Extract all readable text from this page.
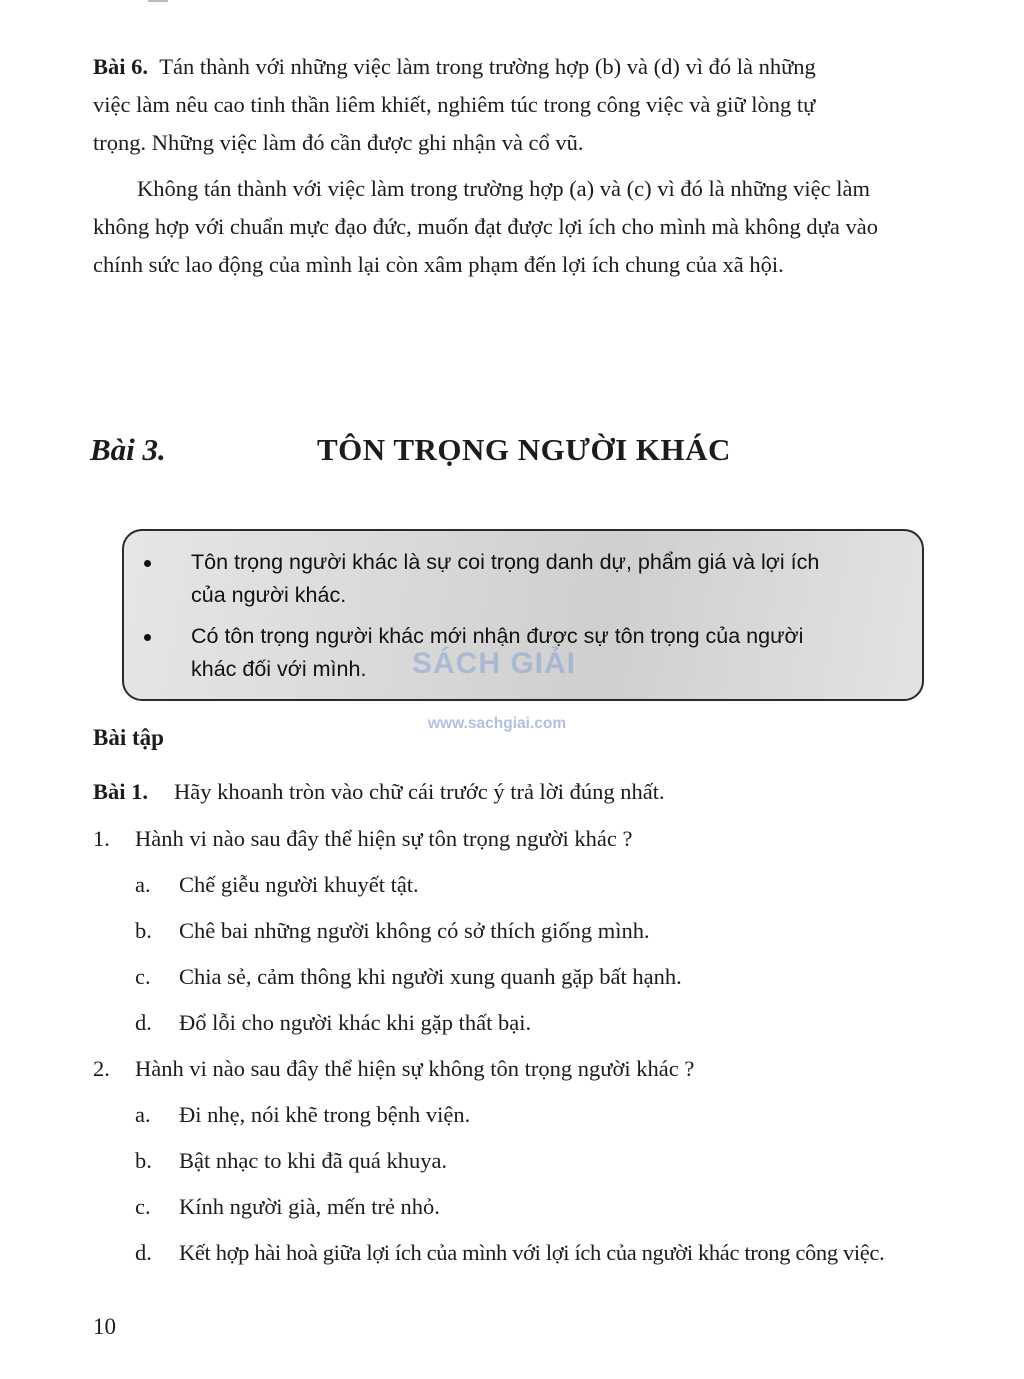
Bài 6. Tán thành với những việc làm trong trường hợp (b) và (d) vì đó là những
việc làm nêu cao tinh thần liêm khiết, nghiêm túc trong công việc và giữ lòng tự
trọng. Những việc làm đó cần được ghi nhận và cổ vũ.
Không tán thành với việc làm trong trường hợp (a) và (c) vì đó là những việc làm
không hợp với chuẩn mực đạo đức, muốn đạt được lợi ích cho mình mà không dựa vào
chính sức lao động của mình lại còn xâm phạm đến lợi ích chung của xã hội.
Bài 3.	TÔN TRỌNG NGƯỜI KHÁC
Tôn trọng người khác là sự coi trọng danh dự, phẩm giá và lợi ích
của người khác.
Có tôn trọng người khác mới nhận được sự tôn trọng của người
khác đối với mình. SÁCH GIẢI
www.sachgiai.com
Bài tập
Bài 1. Hãy khoanh tròn vào chữ cái trước ý trả lời đúng nhất.
1. Hành vi nào sau đây thể hiện sự tôn trọng người khác ?
a. Chế giễu người khuyết tật.
b. Chê bai những người không có sở thích giống mình.
c. Chia sẻ, cảm thông khi người xung quanh gặp bất hạnh.
d. Đổ lỗi cho người khác khi gặp thất bại.
2. Hành vi nào sau đây thể hiện sự không tôn trọng người khác ?
a. Đi nhẹ, nói khẽ trong bệnh viện.
b. Bật nhạc to khi đã quá khuya.
c. Kính người già, mến trẻ nhỏ.
d. Kết hợp hài hoà giữa lợi ích của mình với lợi ích của người khác trong công việc.
10
